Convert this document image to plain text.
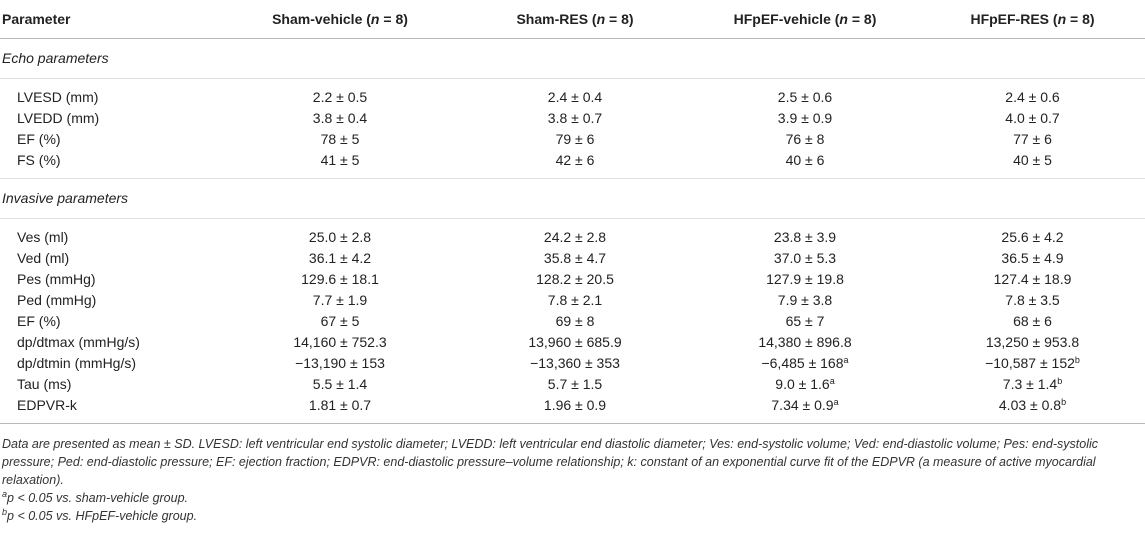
Parameter	Sham-vehicle (n = 8)	Sham-RES (n = 8)	HFpEF-vehicle (n = 8)	HFpEF-RES (n = 8)
Echo parameters				

LVESD (mm)	2.2 ± 0.5	2.4 ± 0.4	2.5 ± 0.6	2.4 ± 0.6
LVEDD (mm)	3.8 ± 0.4	3.8 ± 0.7	3.9 ± 0.9	4.0 ± 0.7
EF (%)	78 ± 5	79 ± 6	76 ± 8	77 ± 6
FS (%)	41 ± 5	42 ± 6	40 ± 6	40 ± 5

Invasive parameters				

Ves (ml)	25.0 ± 2.8	24.2 ± 2.8	23.8 ± 3.9	25.6 ± 4.2
Ved (ml)	36.1 ± 4.2	35.8 ± 4.7	37.0 ± 5.3	36.5 ± 4.9
Pes (mmHg)	129.6 ± 18.1	128.2 ± 20.5	127.9 ± 19.8	127.4 ± 18.9
Ped (mmHg)	7.7 ± 1.9	7.8 ± 2.1	7.9 ± 3.8	7.8 ± 3.5
EF (%)	67 ± 5	69 ± 8	65 ± 7	68 ± 6
dp/dtmax (mmHg/s)	14,160 ± 752.3	13,960 ± 685.9	14,380 ± 896.8	13,250 ± 953.8
dp/dtmin (mmHg/s)	−13,190 ± 153	−13,360 ± 353	$-6,485 \pm 168^a$	$-10,587 \pm 152^b$
Tau (ms)	5.5 ± 1.4	5.7 ± 1.5	9.0 ± 1.6$^a$	7.3 ± 1.4$^b$
EDPVR-k	1.81 ± 0.7	1.96 ± 0.9	7.34 ± 0.9$^a$	4.03 ± 0.8$^b$

Data are presented as mean ± SD. LVESD: left ventricular end systolic diameter; LVEDD: left ventricular end diastolic diameter; Ves: end-systolic volume; Ved: end-diastolic volume; Pes: end-systolic pressure; Ped: end-diastolic pressure; EF: ejection fraction; EDPVR: end-diastolic pressure–volume relationship; k: constant of an exponential curve fit of the EDPVR (a measure of active myocardial relaxation).
$^a$p < 0.05 vs. sham-vehicle group.
$^b$p < 0.05 vs. HFpEF-vehicle group.
